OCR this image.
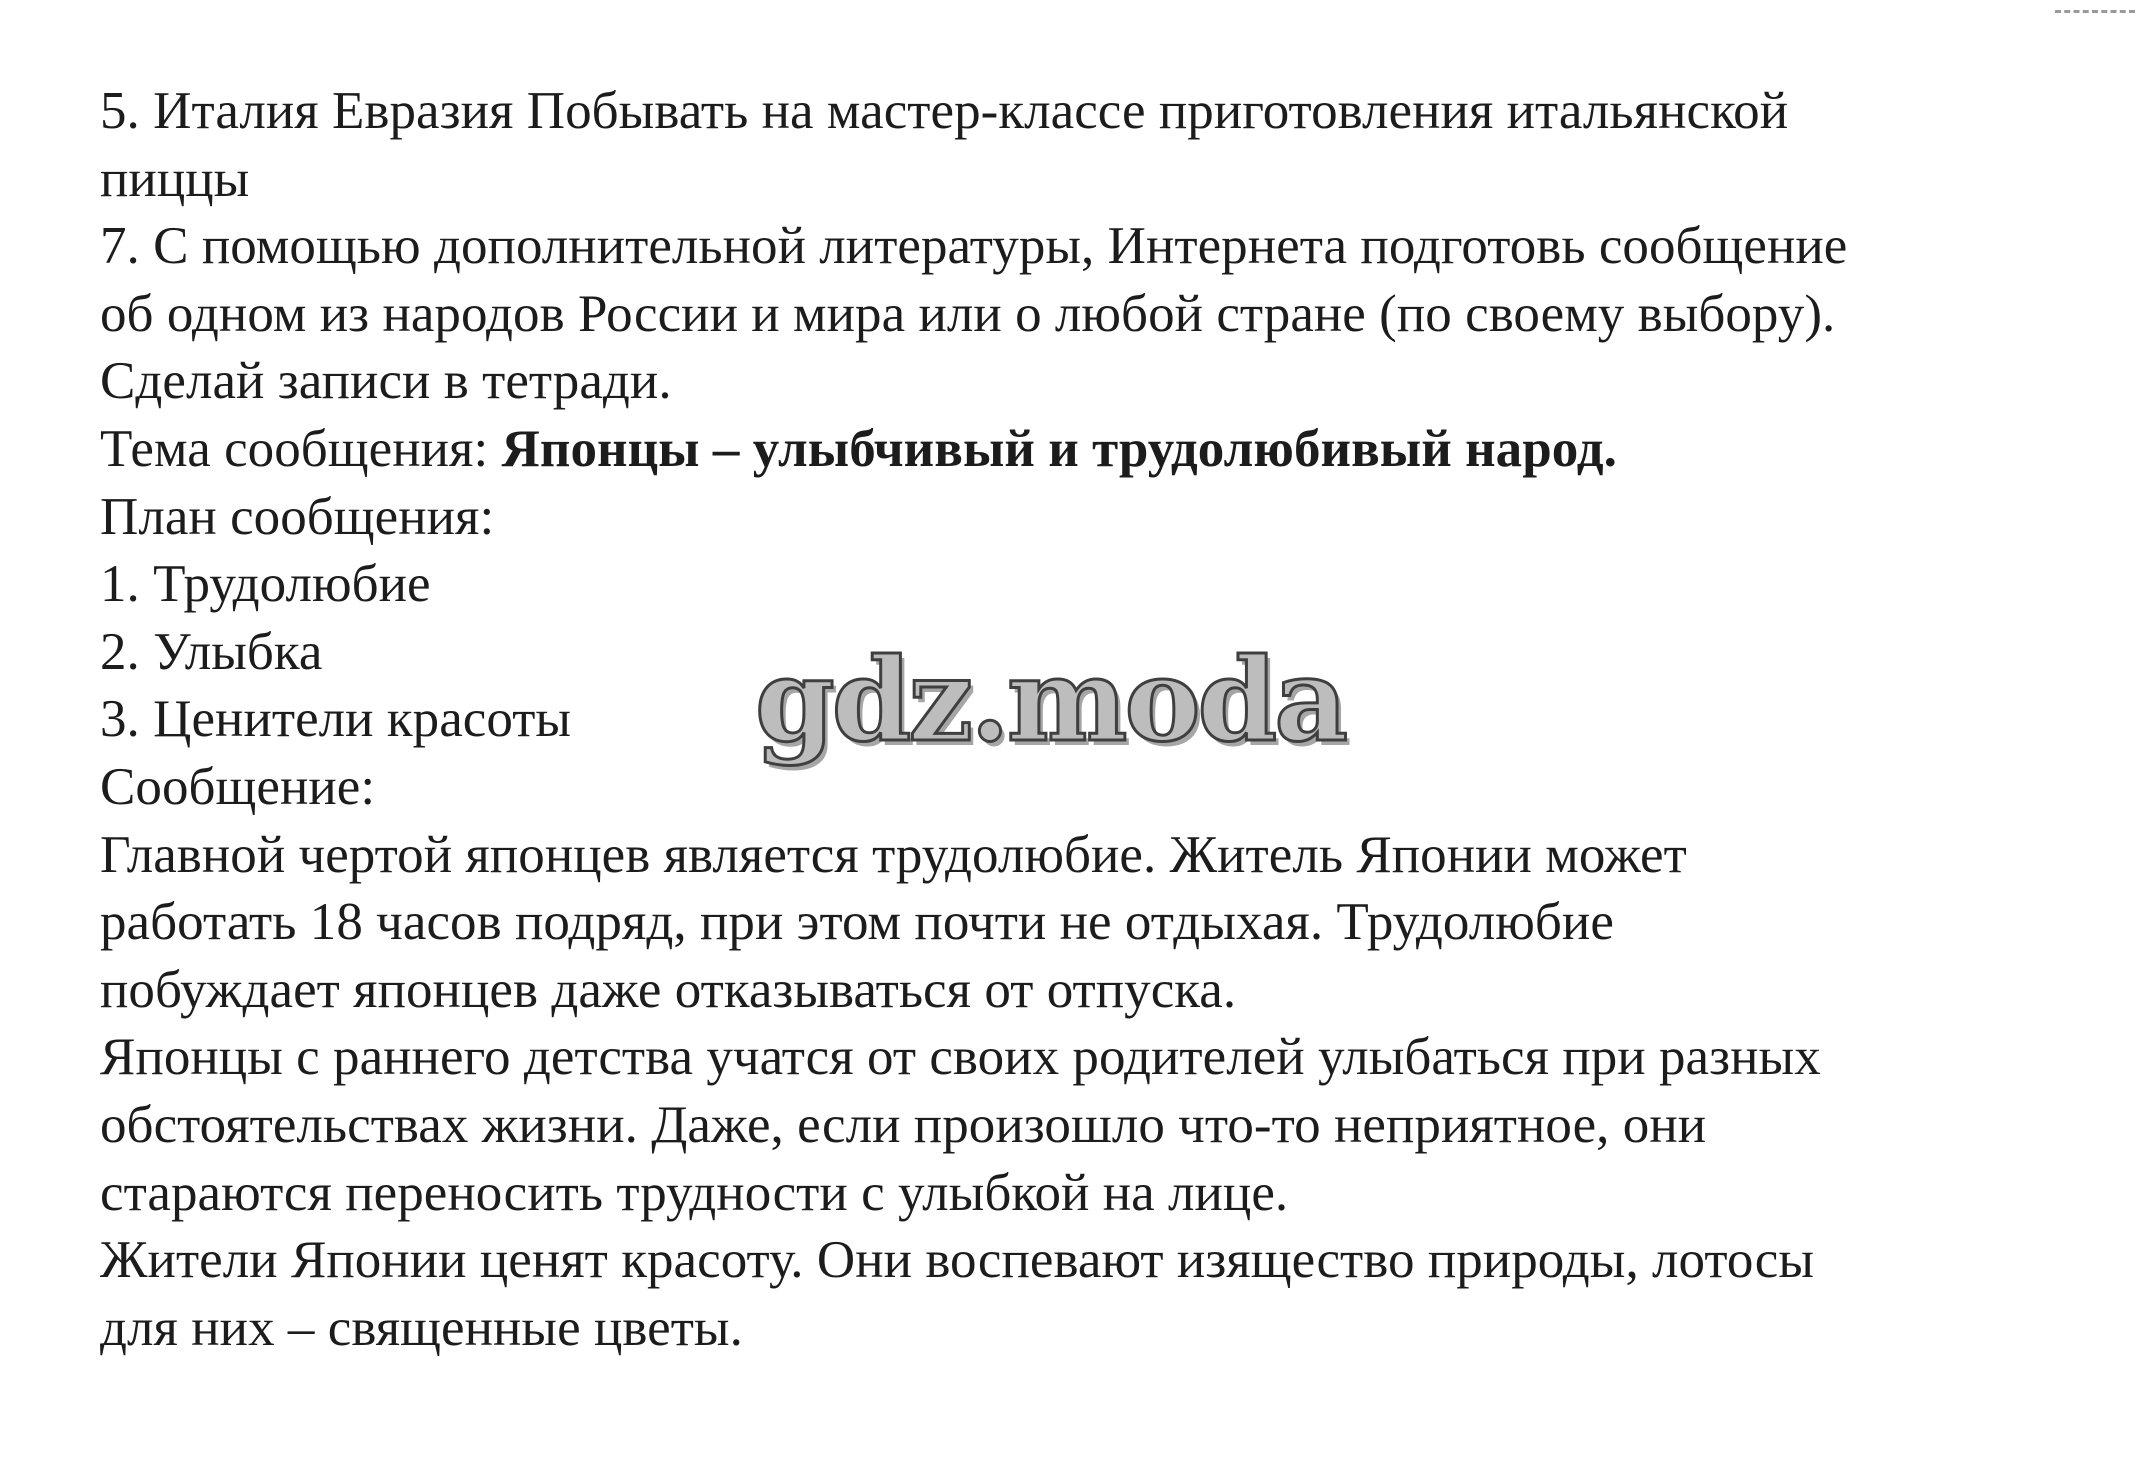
5. Италия Евразия Побывать на мастер-классе приготовления итальянской
пиццы
7. С помощью дополнительной литературы, Интернета подготовь сообщение
об одном из народов России и мира или о любой стране (по своему выбору).
Сделай записи в тетради.
Тема сообщения: Японцы – улыбчивый и трудолюбивый народ.
План сообщения:
1. Трудолюбие
2. Улыбка
3. Ценители красоты
Сообщение:
Главной чертой японцев является трудолюбие. Житель Японии может
работать 18 часов подряд, при этом почти не отдыхая. Трудолюбие
побуждает японцев даже отказываться от отпуска.
Японцы с раннего детства учатся от своих родителей улыбаться при разных
обстоятельствах жизни. Даже, если произошло что-то неприятное, они
стараются переносить трудности с улыбкой на лице.
Жители Японии ценят красоту. Они воспевают изящество природы, лотосы
для них – священные цветы.
gdz.moda
